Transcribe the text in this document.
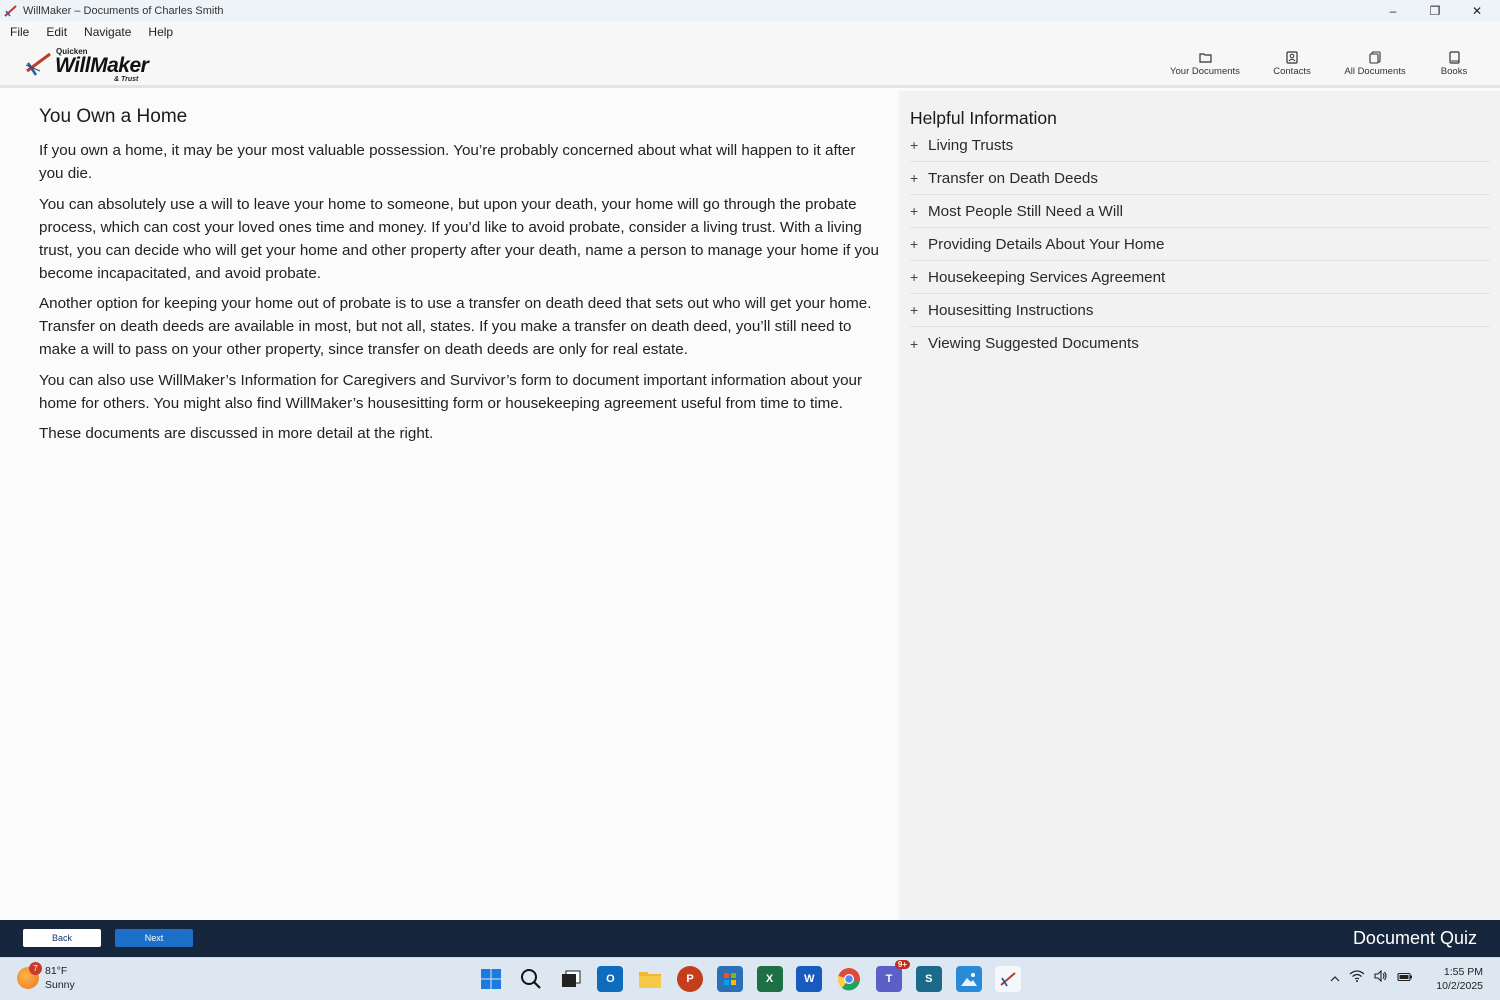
WillMaker – Documents of Charles Smith	–	❐	✕
File Edit Navigate Help
Quicken
WillMaker
& Trust
Your Documents	Contacts	All Documents	Books
You Own a Home

If you own a home, it may be your most valuable possession. You’re probably concerned about what will happen to it after you die.

You can absolutely use a will to leave your home to someone, but upon your death, your home will go through the probate process, which can cost your loved ones time and money. If you’d like to avoid probate, consider a living trust. With a living trust, you can decide who will get your home and other property after your death, name a person to manage your home if you become incapacitated, and avoid probate.

Another option for keeping your home out of probate is to use a transfer on death deed that sets out who will get your home. Transfer on death deeds are available in most, but not all, states. If you make a transfer on death deed, you’ll still need to make a will to pass on your other property, since transfer on death deeds are only for real estate.

You can also use WillMaker’s Information for Caregivers and Survivor’s form to document important information about your home for others. You might also find WillMaker’s housesitting form or housekeeping agreement useful from time to time.

These documents are discussed in more detail at the right.

Helpful Information
+ Living Trusts
+ Transfer on Death Deeds
+ Most People Still Need a Will
+ Providing Details About Your Home
+ Housekeeping Services Agreement
+ Housesitting Instructions
+ Viewing Suggested Documents
Back	Next	Document Quiz
7 81°F
Sunny	O	P	X	W	T
9+
S
1:55 PM
10/2/2025
